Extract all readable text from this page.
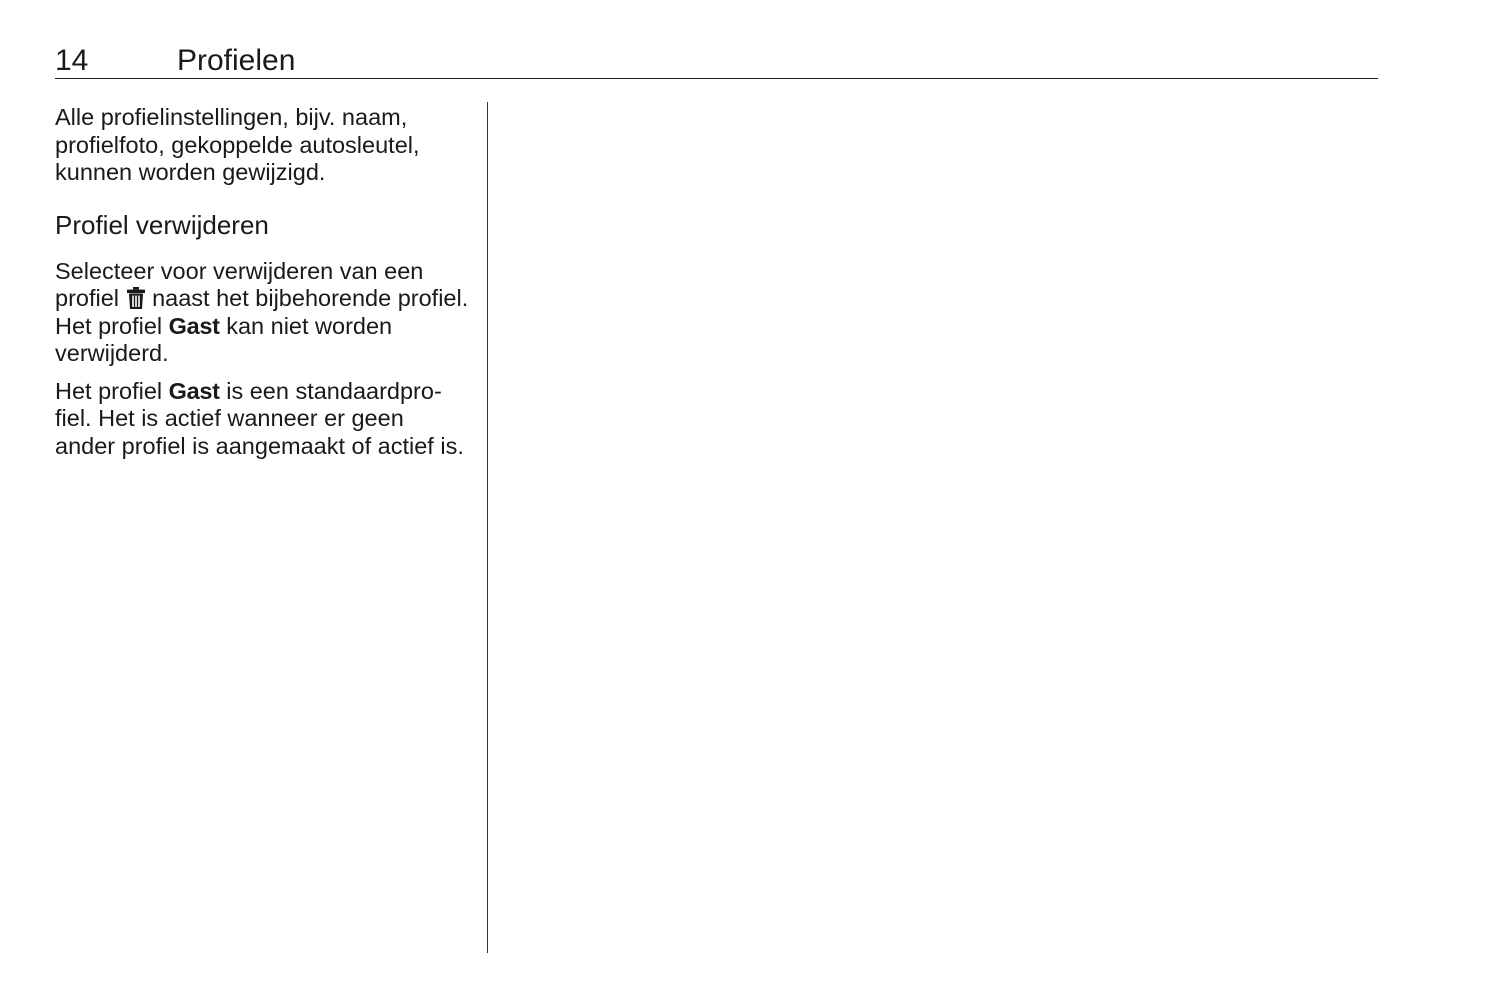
14	Profielen

Alle profielinstellingen, bijv. naam, profielfoto, gekoppelde autosleutel, kunnen worden gewijzigd.

Profiel verwijderen

Selecteer voor verwijderen van een profiel
naast het bijbehorende profiel. Het profiel Gast kan niet worden verwijderd.

Het profiel Gast is een standaardprofiel. Het is actief wanneer er geen ander profiel is aangemaakt of actief is.
